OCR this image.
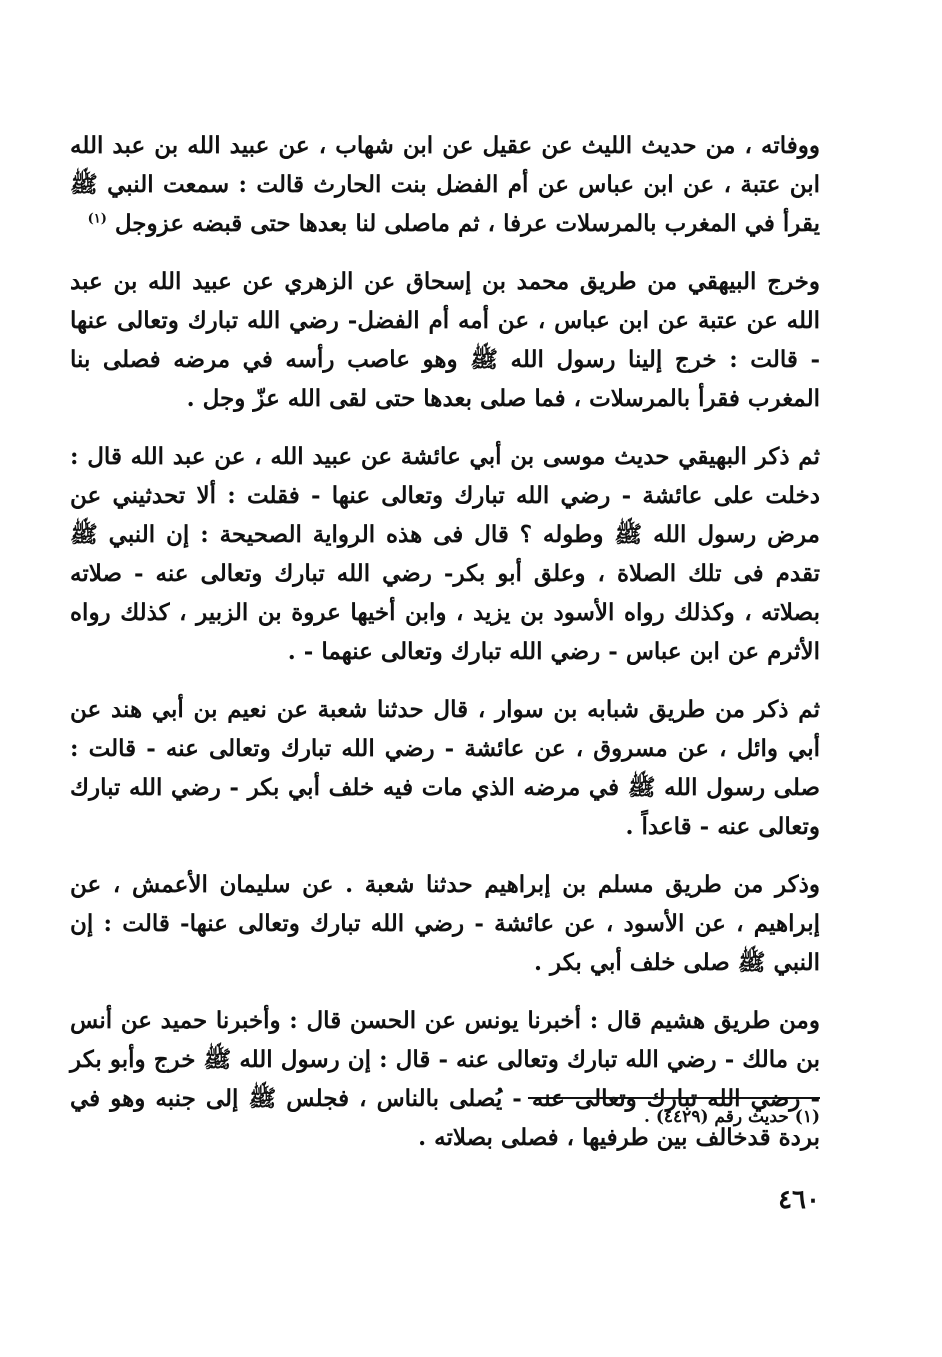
ووفاته ، من حديث الليث عن عقيل عن ابن شهاب ، عن عبيد الله بن عبد الله ابن عتبة ، عن ابن عباس عن أم الفضل بنت الحارث قالت : سمعت النبي ﷺ يقرأ في المغرب بالمرسلات عرفا ، ثم ماصلى لنا بعدها حتى قبضه عزوجل $^{(١)}$

وخرج البيهقي من طريق محمد بن إسحاق عن الزهري عن عبيد الله بن عبد الله عن عتبة عن ابن عباس ، عن أمه أم الفضل- رضي الله تبارك وتعالى عنها - قالت : خرج إلينا رسول الله ﷺ وهو عاصب رأسه في مرضه فصلى بنا المغرب فقرأ بالمرسلات ، فما صلى بعدها حتى لقى الله عزّ وجل .

ثم ذكر البهيقي حديث موسى بن أبي عائشة عن عبيد الله ، عن عبد الله قال : دخلت على عائشة - رضي الله تبارك وتعالى عنها - فقلت : ألا تحدثيني عن مرض رسول الله ﷺ وطوله ؟ قال فى هذه الرواية الصحيحة : إن النبي ﷺ تقدم فى تلك الصلاة ، وعلق أبو بكر- رضي الله تبارك وتعالى عنه - صلاته بصلاته ، وكذلك رواه الأسود بن يزيد ، وابن أخيها عروة بن الزبير ، كذلك رواه الأثرم عن ابن عباس - رضي الله تبارك وتعالى عنهما - .

ثم ذكر من طريق شبابه بن سوار ، قال حدثنا شعبة عن نعيم بن أبي هند عن أبي وائل ، عن مسروق ، عن عائشة - رضي الله تبارك وتعالى عنه - قالت : صلى رسول الله ﷺ في مرضه الذي مات فيه خلف أبي بكر - رضي الله تبارك وتعالى عنه - قاعداً .

وذكر من طريق مسلم بن إبراهيم حدثنا شعبة . عن سليمان الأعمش ، عن إبراهيم ، عن الأسود ، عن عائشة - رضي الله تبارك وتعالى عنها- قالت : إن النبي ﷺ صلى خلف أبي بكر .

ومن طريق هشيم قال : أخبرنا يونس عن الحسن قال : وأخبرنا حميد عن أنس بن مالك - رضي الله تبارك وتعالى عنه - قال : إن رسول الله ﷺ خرج وأبو بكر - رضي الله تبارك وتعالى عنه - يُصلى بالناس ، فجلس ﷺ إلى جنبه وهو في بردة قدخالف بين طرفيها ، فصلى بصلاته .

(١) حديث رقم (٤٤٢٩) .
٤٦٠
